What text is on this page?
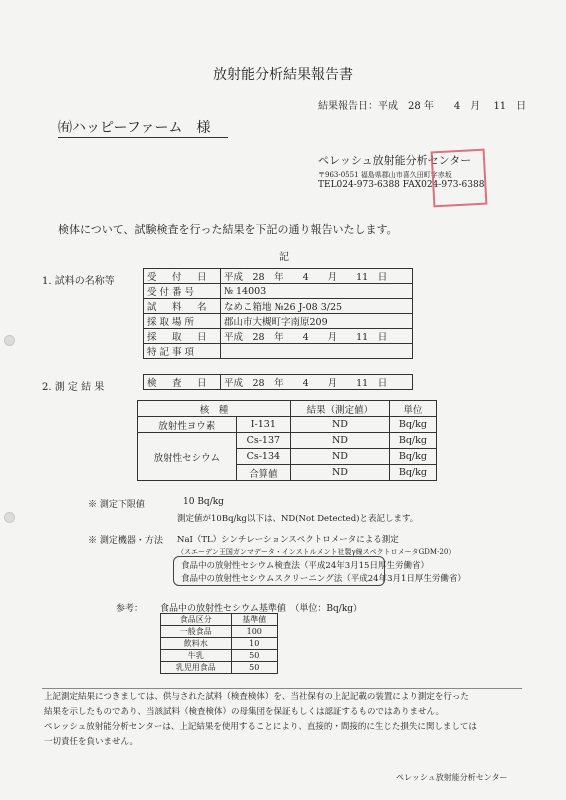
放射能分析結果報告書
結果報告日：平成　28 年　　4　月　 11　日
㈲ハッピーファーム　様
ペレッシュ放射能分析センター
〒963-0551 福島県郡山市喜久田町字赤坂
TEL024-973-6388 FAX024-973-6388
検体について、試験検査を行った結果を下記の通り報告いたします。
記
1. 試料の名称等	受　付　日	平成　28　年　　4　　月　　11　日
受付番号	№ 14003
試　料　名	なめこ箱地 №26 J-08 3/25
採取場所	郡山市大槻町字南原209
採　取　日	平成　28　年　　4　　月　　11　日
特記事項	
2. 測 定 結 果	検　査　日	平成　28　年　　4　　月　　11　日
核　種		結果（測定値）	単位
放射性ヨウ素	I-131	ND	Bq/kg
放射性セシウム	Cs-137	ND	Bq/kg
	Cs-134	ND	Bq/kg
	合算値	ND	Bq/kg
※ 測定下限値	10 Bq/kg
測定値が10Bq/kg以下は、ND(Not Detected)と表記します。
※ 測定機器・方法 NaI（TL）シンチレーションスペクトロメータによる測定
（スエーデン王国ガンマデータ・インストルメント社製γ線スペクトロメータGDM-20）
食品中の放射性セシウム検査法（平成24年3月15日厚生労働省）
食品中の放射性セシウムスクリーニング法（平成24年3月1日厚生労働省）
参考： 食品中の放射性セシウム基準値　（単位：Bq/kg）
食品区分	基準値
一般食品	100
飲料水	10
牛乳	50
乳児用食品	50
上記測定結果につきましては、供与された試料（検査検体）を、当社保有の上記記載の装置により測定を行った
結果を示したものであり、当該試料（検査検体）の母集団を保証もしくは認証するものではありません。
ペレッシュ放射能分析センターは、上記結果を使用することにより、直接的・間接的に生じた損失に関しましては
一切責任を負いません。
ペレッシュ放射能分析センター
